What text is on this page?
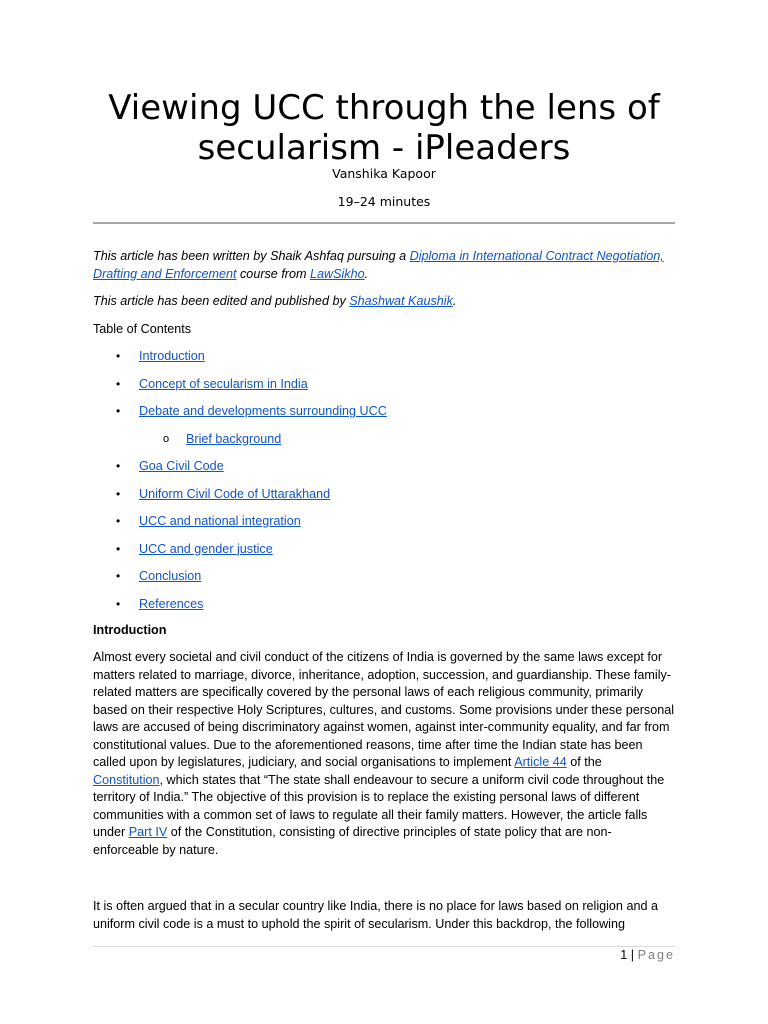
Viewing UCC through the lens of secularism - iPleaders
Vanshika Kapoor
19–24 minutes
This article has been written by Shaik Ashfaq pursuing a Diploma in International Contract Negotiation, Drafting and Enforcement course from LawSikho.
This article has been edited and published by Shashwat Kaushik.
Table of Contents
• Introduction
• Concept of secularism in India
• Debate and developments surrounding UCC
o Brief background
• Goa Civil Code
• Uniform Civil Code of Uttarakhand
• UCC and national integration
• UCC and gender justice
• Conclusion
• References
Introduction
Almost every societal and civil conduct of the citizens of India is governed by the same laws except for matters related to marriage, divorce, inheritance, adoption, succession, and guardianship. These family-related matters are specifically covered by the personal laws of each religious community, primarily based on their respective Holy Scriptures, cultures, and customs. Some provisions under these personal laws are accused of being discriminatory against women, against inter-community equality, and far from constitutional values. Due to the aforementioned reasons, time after time the Indian state has been called upon by legislatures, judiciary, and social organisations to implement Article 44 of the Constitution, which states that “The state shall endeavour to secure a uniform civil code throughout the territory of India.” The objective of this provision is to replace the existing personal laws of different communities with a common set of laws to regulate all their family matters. However, the article falls under Part IV of the Constitution, consisting of directive principles of state policy that are non-enforceable by nature.
It is often argued that in a secular country like India, there is no place for laws based on religion and a uniform civil code is a must to uphold the spirit of secularism. Under this backdrop, the following
1 | Page
